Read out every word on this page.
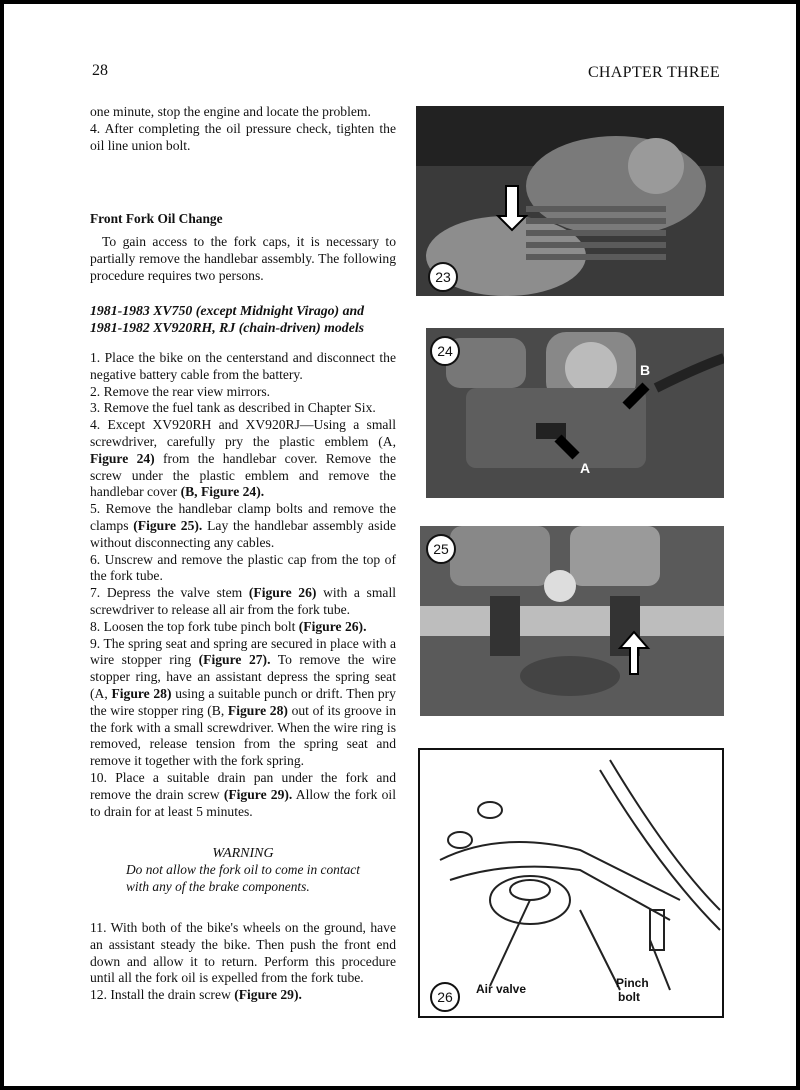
28	CHAPTER THREE

one minute, stop the engine and locate the problem.

4. After completing the oil pressure check, tighten the oil line union bolt.

Front Fork Oil Change

To gain access to the fork caps, it is necessary to partially remove the handlebar assembly. The following procedure requires two persons.

1981-1983 XV750 (except Midnight Virago) and

1981-1982 XV920RH, RJ (chain-driven) models

1. Place the bike on the centerstand and disconnect the negative battery cable from the battery.

2. Remove the rear view mirrors.

3. Remove the fuel tank as described in Chapter Six.

4. Except XV920RH and XV920RJ—Using a small screwdriver, carefully pry the plastic emblem (A, Figure 24) from the handlebar cover. Remove the screw under the plastic emblem and remove the handlebar cover (B, Figure 24).

5. Remove the handlebar clamp bolts and remove the clamps (Figure 25). Lay the handlebar assembly aside without disconnecting any cables.

6. Unscrew and remove the plastic cap from the top of the fork tube.

7. Depress the valve stem (Figure 26) with a small screwdriver to release all air from the fork tube.

8. Loosen the top fork tube pinch bolt (Figure 26).

9. The spring seat and spring are secured in place with a wire stopper ring (Figure 27). To remove the wire stopper ring, have an assistant depress the spring seat (A, Figure 28) using a suitable punch or drift. Then pry the wire stopper ring (B, Figure 28) out of its groove in the fork with a small screwdriver. When the wire ring is removed, release tension from the spring seat and remove it together with the fork spring.

10. Place a suitable drain pan under the fork and remove the drain screw (Figure 29). Allow the fork oil to drain for at least 5 minutes.

WARNING

Do not allow the fork oil to come in contact with any of the brake components.

11. With both of the bike's wheels on the ground, have an assistant steady the bike. Then push the front end down and allow it to return. Perform this procedure until all the fork oil is expelled from the fork tube.

12. Install the drain screw (Figure 29).

23
24
B
A
25
26	Air valve	Pinch
bolt
